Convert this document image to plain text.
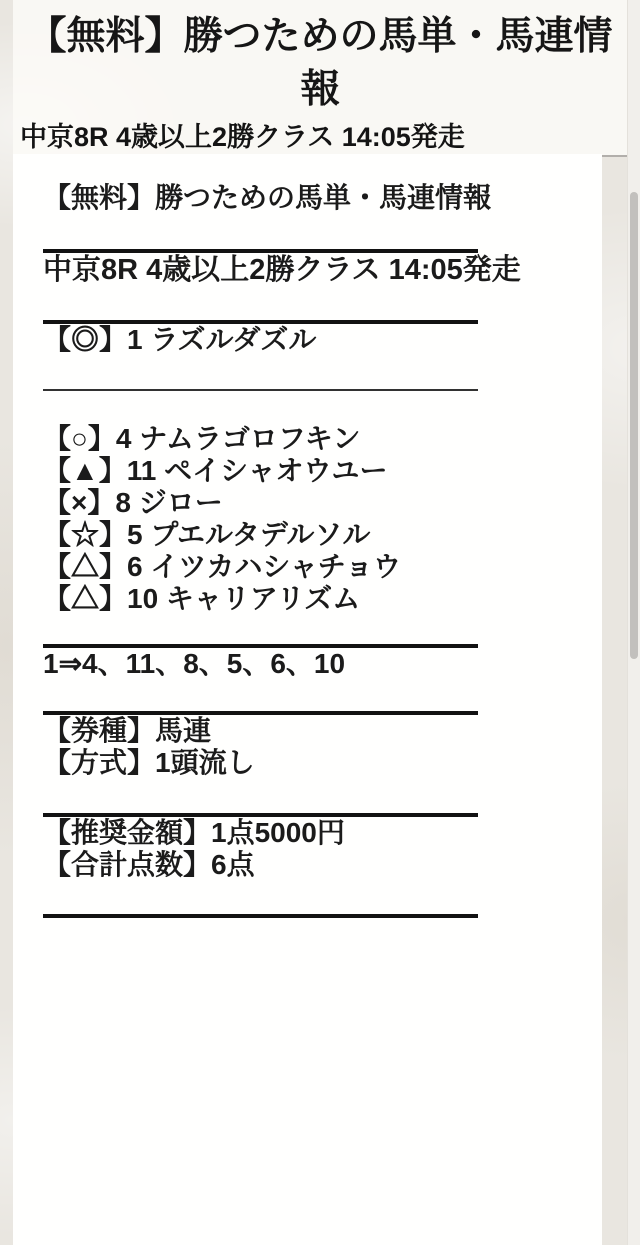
【無料】勝つための馬単・馬連情
報
中京8R 4歳以上2勝クラス 14:05発走

【無料】勝つための馬単・馬連情報

中京8R 4歳以上2勝クラス 14:05発走

【◎】1 ラズルダズル

【○】4 ナムラゴロフキン

【▲】11 ペイシャオウユー

【×】8 ジロー

【☆】5 プエルタデルソル

【△】6 イツカハシャチョウ

【△】10 キャリアリズム

1⇒4、11、8、5、6、10

【券種】馬連

【方式】1頭流し

【推奨金額】1点5000円

【合計点数】6点
